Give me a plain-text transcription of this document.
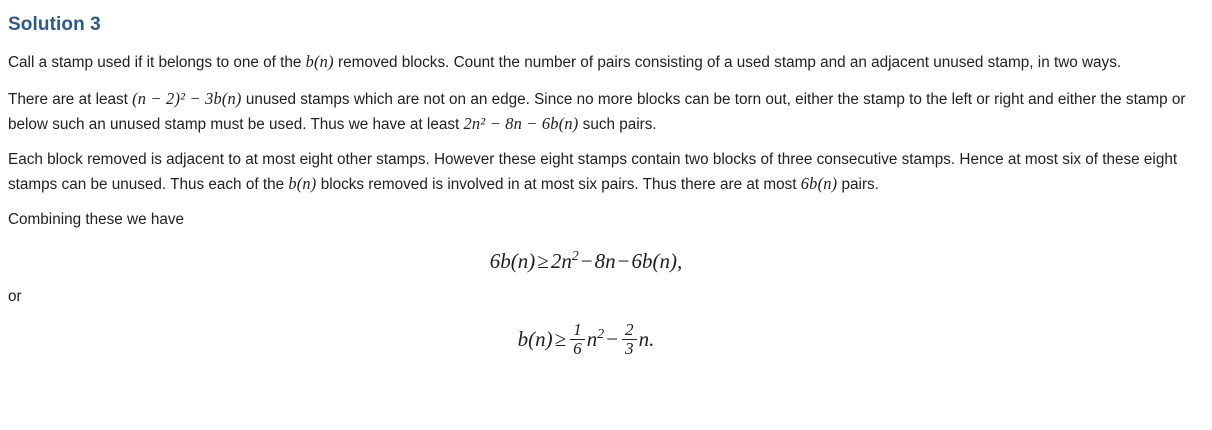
Solution 3

Call a stamp used if it belongs to one of the b(n) removed blocks. Count the number of pairs consisting of a used stamp and an adjacent unused stamp, in two ways.

There are at least (n − 2)² − 3b(n) unused stamps which are not on an edge. Since no more blocks can be torn out, either the stamp to the left or right and either the stamp or below such an unused stamp must be used. Thus we have at least 2n² − 8n − 6b(n) such pairs.

Each block removed is adjacent to at most eight other stamps. However these eight stamps contain two blocks of three consecutive stamps. Hence at most six of these eight stamps can be unused. Thus each of the b(n) blocks removed is involved in at most six pairs. Thus there are at most 6b(n) pairs.

Combining these we have

$6b(n)\ge 2n^2-8n-6b(n)$,
or
$b(n)\ge \frac{1}{6} n^2- \frac{2}{3} n$.
